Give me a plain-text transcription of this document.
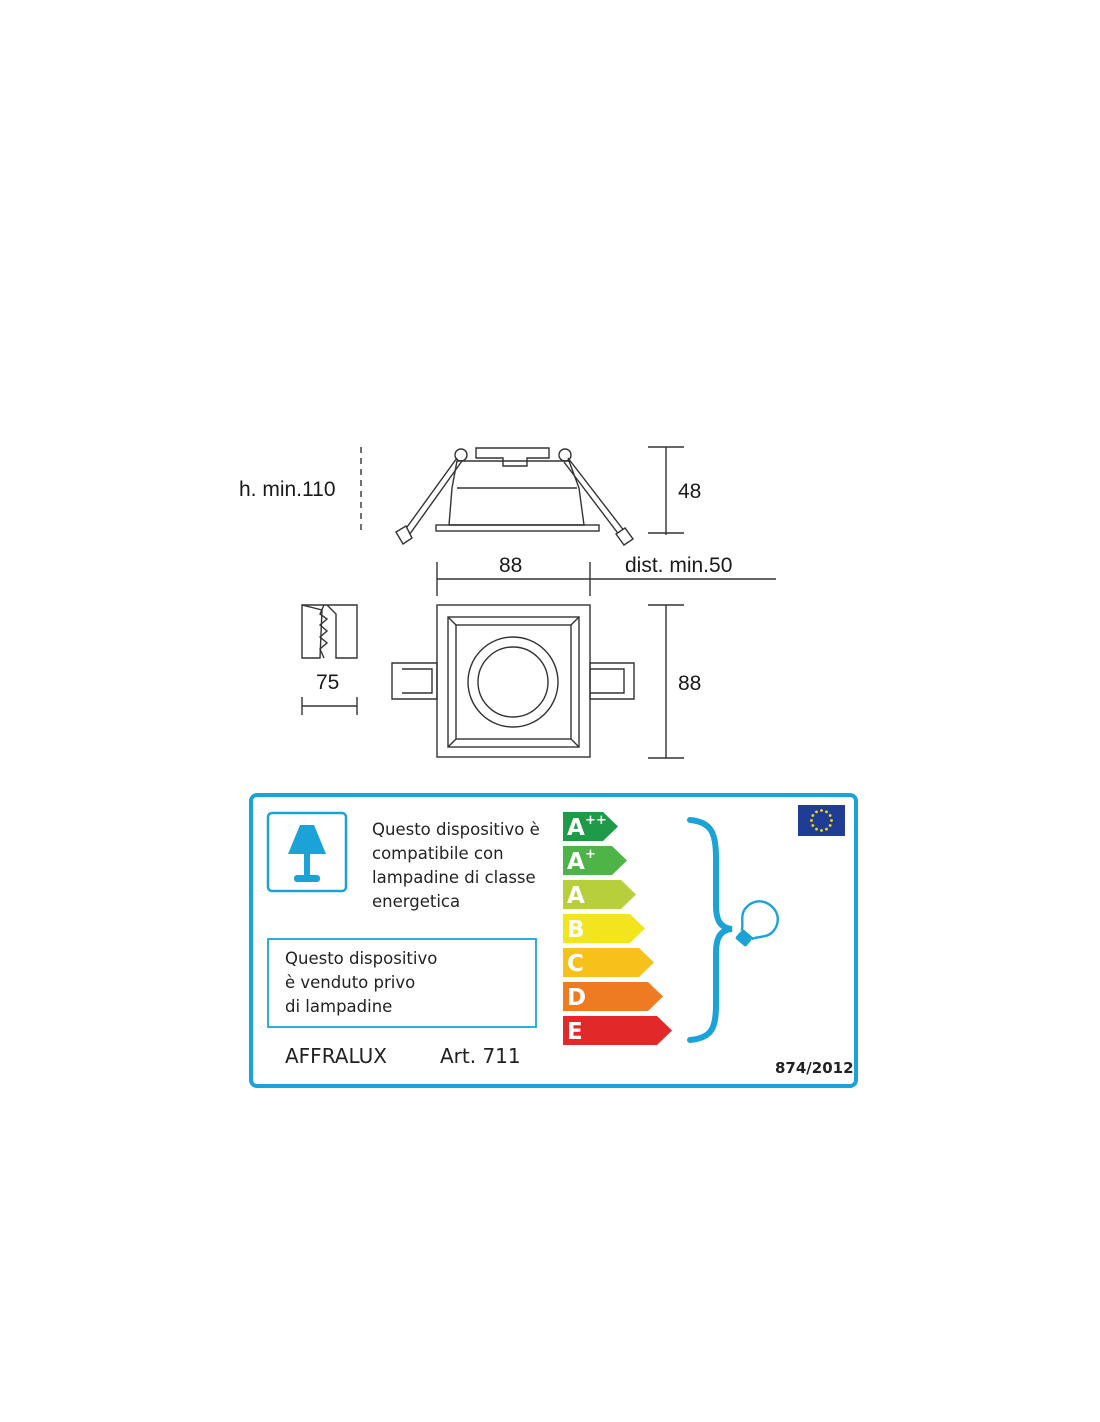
h. min.110	48
88	dist. min.50
75	88
Questo dispositivo è
compatibile con
lampadine di classe
energetica
Questo dispositivo
è venduto privo
di lampadine
AFFRALUX	Art. 711
A ++
A +
A
B
C
D
E
874/2012
